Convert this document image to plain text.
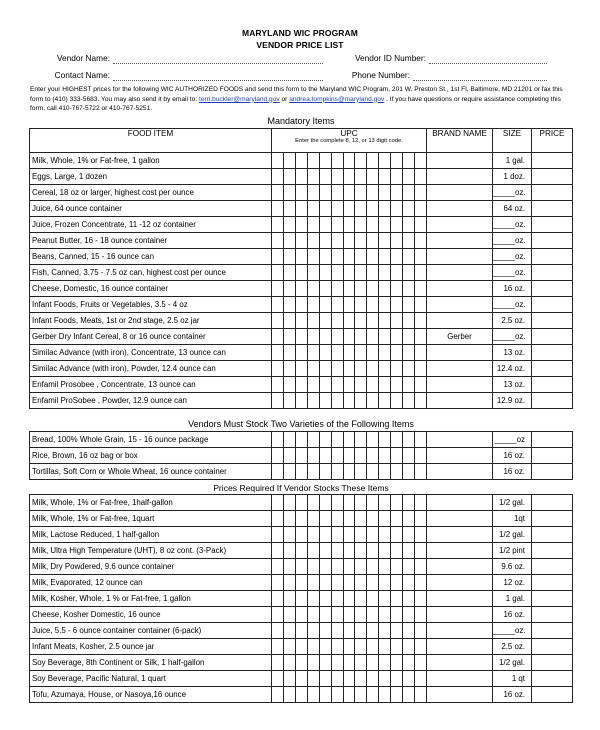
MARYLAND WIC PROGRAM
VENDOR PRICE LIST
Vendor Name:
Contact Name:
Vendor ID Number:
Phone Number:
Enter your HIGHEST prices for the following WIC AUTHORIZED FOODS and send this form to the Maryland WIC Program, 201 W. Preston St., 1st Fl, Baltimore, MD 21201 or fax this form to (410) 333-5683. You may also send it by email to: terri.buckler@maryland.gov or andrea.tompkins@maryland.gov . If you have questions or require assistance completing this form, call 410-767-5722 or 410-767-5251.
Mandatory Items				
FOOD ITEM	UPC	BRAND NAME	SIZE	PRICE
	Enter the complete 8, 12, or 13 digit code.			
Milk, Whole, 1% or Fat-free, 1 gallon			1 gal.	
Eggs, Large, 1 dozen			1 doz.	
Cereal, 18 oz or larger, highest cost per ounce			_____oz.	
Juice, 64 ounce container			64 oz.	
Juice, Frozen Concentrate, 11 -12 oz container			_____oz.	
Peanut Butter, 16 - 18 ounce container			_____oz.	
Beans, Canned, 15 - 16 ounce can			_____oz.	
Fish, Canned, 3.75 - 7.5 oz can, highest cost per ounce			_____oz.	
Cheese, Domestic, 16 ounce container			16 oz.	
Infant Foods, Fruits or Vegetables, 3.5 - 4 oz			_____oz.	
Infant Foods, Meats, 1st or 2nd stage, 2.5 oz jar			2.5 oz.	
Gerber Dry Infant Cereal, 8 or 16 ounce container		Gerber	_____oz.	
Similac Advance (with iron), Concentrate, 13 ounce can			13 oz.	
Similac Advance (with iron), Powder, 12.4 ounce can			12.4 oz.	
Enfamil Prosobee , Concentrate, 13 ounce can			13 oz.	
Enfamil ProSobee , Powder, 12.9 ounce can			12.9 oz.	
Vendors Must Stock Two Varieties of the Following Items				
Bread, 100% Whole Grain, 15 - 16 ounce package			_____oz	
Rice, Brown, 16 oz bag or box			16 oz.	
Tortillas, Soft Corn or Whole Wheat, 16 ounce container			16 oz.	
Prices Required If Vendor Stocks These Items				
Milk, Whole, 1% or Fat-free, 1half-gallon			1/2 gal.	
Milk, Whole, 1% or Fat-free, 1quart			1qt	
Milk, Lactose Reduced, 1 half-gallon			1/2 gal.	
Milk, Ultra High Temperature (UHT), 8 oz cont. (3-Pack)			1/2 pint	
Milk, Dry Powdered, 9.6 ounce container			9.6 oz.	
Milk, Evaporated, 12 ounce can			12 oz.	
Milk, Kosher, Whole, 1 % or Fat-free, 1 gallon			1 gal.	
Cheese, Kosher Domestic, 16 ounce			16 oz.	
Juice, 5.5 - 6 ounce container container (6-pack)			_____oz.	
Infant Meats, Kosher, 2.5 ounce jar			2.5 oz.	
Soy Beverage, 8th Continent or Silk, 1 half-gallon			1/2 gal.	
Soy Beverage, Pacific Natural, 1 quart			1 qt	
Tofu, Azumaya, House, or Nasoya,16 ounce			16 oz.	
